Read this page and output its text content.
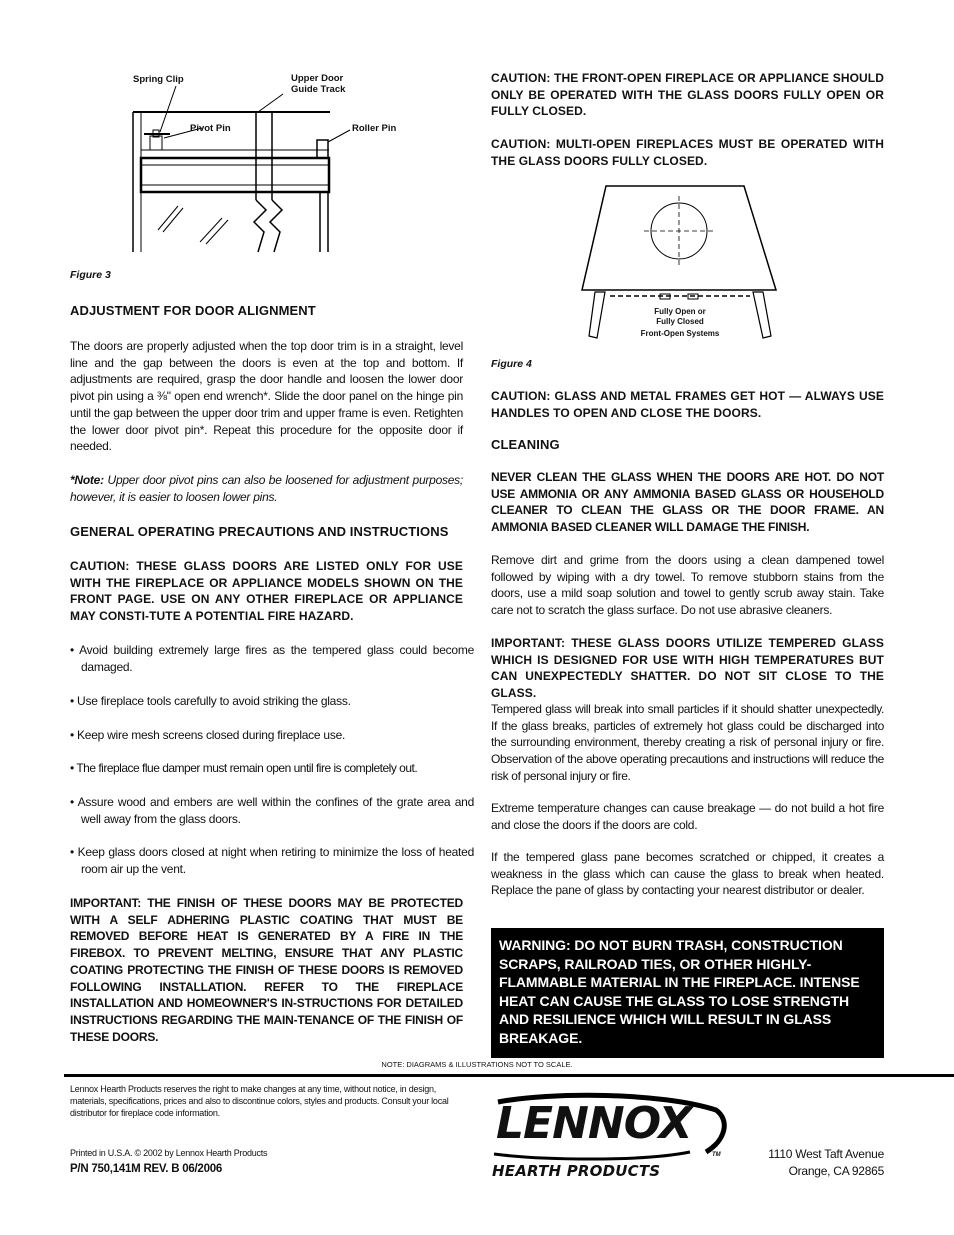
Spring Clip	Upper Door
Guide Track
Pivot Pin	Roller Pin
Figure 3
ADJUSTMENT FOR DOOR ALIGNMENT
The doors are properly adjusted when the top door trim is in a straight, level line and the gap between the doors is even at the top and bottom. If adjustments are required, grasp the door handle and loosen the lower door pivot pin using a ⅜" open end wrench*. Slide the door panel on the hinge pin until the gap between the upper door trim and upper frame is even. Retighten the lower door pivot pin*. Repeat this procedure for the opposite door if needed.
*Note: Upper door pivot pins can also be loosened for adjustment purposes; however, it is easier to loosen lower pins.
GENERAL OPERATING PRECAUTIONS AND INSTRUCTIONS
CAUTION: THESE GLASS DOORS ARE LISTED ONLY FOR USE WITH THE FIREPLACE OR APPLIANCE MODELS SHOWN ON THE FRONT PAGE. USE ON ANY OTHER FIREPLACE OR APPLIANCE MAY CONSTI-TUTE A POTENTIAL FIRE HAZARD.
• Avoid building extremely large fires as the tempered glass could become damaged.
• Use fireplace tools carefully to avoid striking the glass.
• Keep wire mesh screens closed during fireplace use.
• The fireplace flue damper must remain open until fire is completely out.
• Assure wood and embers are well within the confines of the grate area and well away from the glass doors.
• Keep glass doors closed at night when retiring to minimize the loss of heated room air up the vent.
IMPORTANT: THE FINISH OF THESE DOORS MAY BE PROTECTED WITH A SELF ADHERING PLASTIC COATING THAT MUST BE REMOVED BEFORE HEAT IS GENERATED BY A FIRE IN THE FIREBOX. TO PREVENT MELTING, ENSURE THAT ANY PLASTIC COATING PROTECTING THE FINISH OF THESE DOORS IS REMOVED FOLLOWING INSTALLATION. REFER TO THE FIREPLACE INSTALLATION AND HOMEOWNER'S IN-STRUCTIONS FOR DETAILED INSTRUCTIONS REGARDING THE MAIN-TENANCE OF THE FINISH OF THESE DOORS.
CAUTION: THE FRONT-OPEN FIREPLACE OR APPLIANCE SHOULD ONLY BE OPERATED WITH THE GLASS DOORS FULLY OPEN OR FULLY CLOSED.
CAUTION: MULTI-OPEN FIREPLACES MUST BE OPERATED WITH THE GLASS DOORS FULLY CLOSED.
Fully Open or
Fully Closed
Front-Open Systems
Figure 4
CAUTION: GLASS AND METAL FRAMES GET HOT — ALWAYS USE HANDLES TO OPEN AND CLOSE THE DOORS.
CLEANING
NEVER CLEAN THE GLASS WHEN THE DOORS ARE HOT. DO NOT USE AMMONIA OR ANY AMMONIA BASED GLASS OR HOUSEHOLD CLEANER TO CLEAN THE GLASS OR THE DOOR FRAME. AN AMMONIA BASED CLEANER WILL DAMAGE THE FINISH.
Remove dirt and grime from the doors using a clean dampened towel followed by wiping with a dry towel. To remove stubborn stains from the doors, use a mild soap solution and towel to gently scrub away stain. Take care not to scratch the glass surface. Do not use abrasive cleaners.
IMPORTANT: THESE GLASS DOORS UTILIZE TEMPERED GLASS WHICH IS DESIGNED FOR USE WITH HIGH TEMPERATURES BUT CAN UNEXPECTEDLY SHATTER. DO NOT SIT CLOSE TO THE GLASS.
Tempered glass will break into small particles if it should shatter unexpectedly. If the glass breaks, particles of extremely hot glass could be discharged into the surrounding environment, thereby creating a risk of personal injury or fire. Observation of the above operating precautions and instructions will reduce the risk of personal injury or fire.
Extreme temperature changes can cause breakage — do not build a hot fire and close the doors if the doors are cold.
If the tempered glass pane becomes scratched or chipped, it creates a weakness in the glass which can cause the glass to break when heated. Replace the pane of glass by contacting your nearest distributor or dealer.
WARNING: DO NOT BURN TRASH, CONSTRUCTION SCRAPS, RAILROAD TIES, OR OTHER HIGHLY-FLAMMABLE MATERIAL IN THE FIREPLACE. INTENSE HEAT CAN CAUSE THE GLASS TO LOSE STRENGTH AND RESILIENCE WHICH WILL RESULT IN GLASS BREAKAGE.
NOTE: DIAGRAMS & ILLUSTRATIONS NOT TO SCALE.
Lennox Hearth Products reserves the right to make changes at any time, without notice, in design, materials, specifications, prices and also to discontinue colors, styles and products. Consult your local distributor for fireplace code information.
Printed in U.S.A. © 2002 by Lennox Hearth Products
P/N 750,141M REV. B 06/2006
LENNOX
HEARTH PRODUCTS
TM	1110 West Taft Avenue
Orange, CA 92865
